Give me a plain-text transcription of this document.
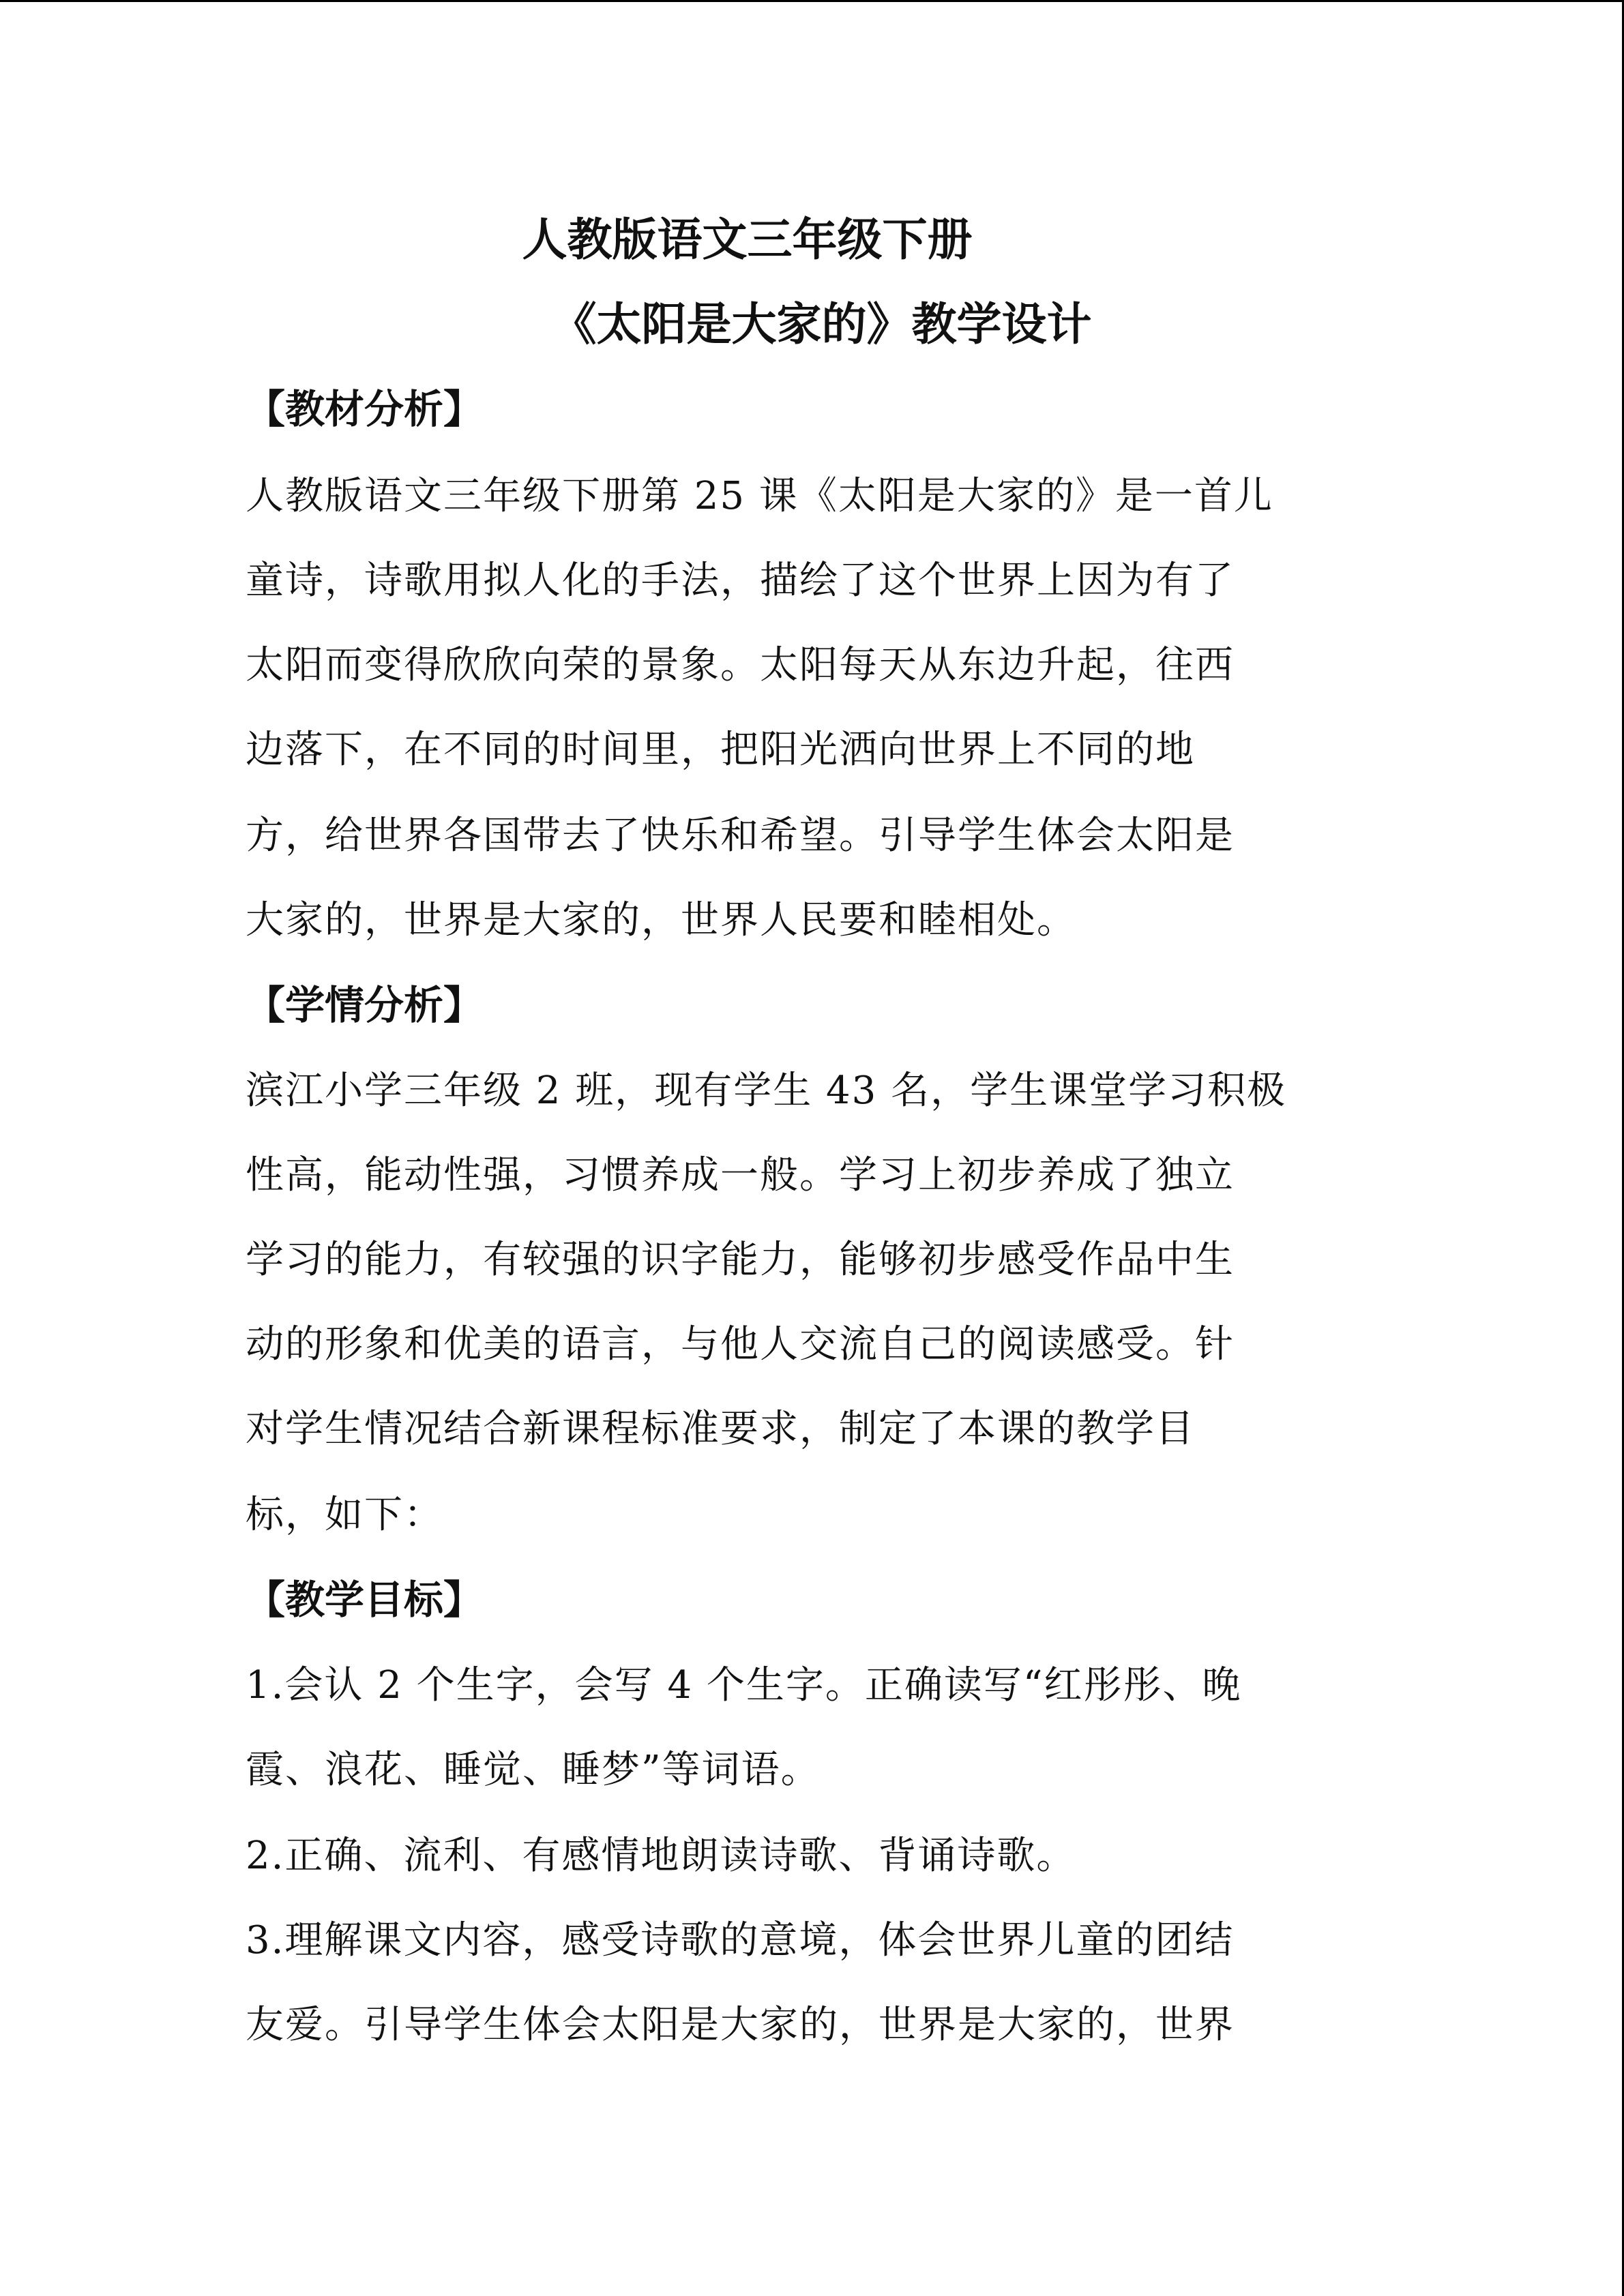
人教版语文三年级下册
《太阳是大家的》教学设计
【教材分析】

人教版语文三年级下册第 25 课《太阳是大家的》是一首儿

童诗，诗歌用拟人化的手法，描绘了这个世界上因为有了

太阳而变得欣欣向荣的景象。太阳每天从东边升起，往西

边落下，在不同的时间里，把阳光洒向世界上不同的地

方，给世界各国带去了快乐和希望。引导学生体会太阳是

大家的，世界是大家的，世界人民要和睦相处。

【学情分析】

滨江小学三年级 2 班，现有学生 43 名，学生课堂学习积极

性高，能动性强，习惯养成一般。学习上初步养成了独立

学习的能力，有较强的识字能力，能够初步感受作品中生

动的形象和优美的语言，与他人交流自己的阅读感受。针

对学生情况结合新课程标准要求，制定了本课的教学目

标，如下：

【教学目标】

1.会认 2 个生字，会写 4 个生字。正确读写“红彤彤、晚

霞、浪花、睡觉、睡梦”等词语。

2.正确、流利、有感情地朗读诗歌、背诵诗歌。

3.理解课文内容，感受诗歌的意境，体会世界儿童的团结

友爱。引导学生体会太阳是大家的，世界是大家的，世界
